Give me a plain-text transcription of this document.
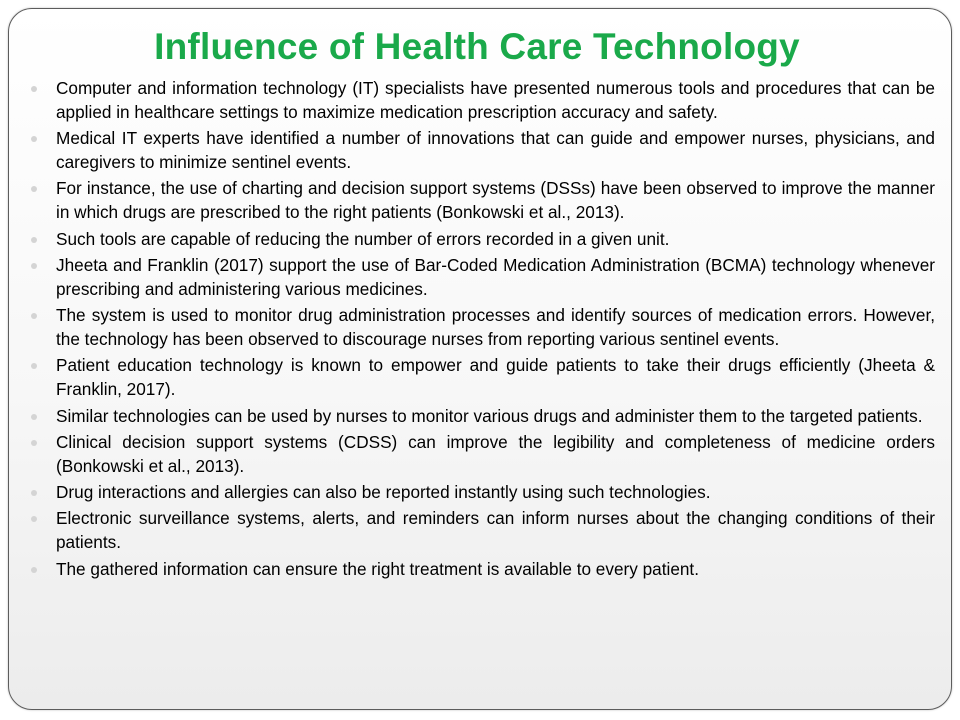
Influence of Health Care Technology
Computer and information technology (IT) specialists have presented numerous tools and procedures that can be applied in healthcare settings to maximize medication prescription accuracy and safety.
Medical IT experts have identified a number of innovations that can guide and empower nurses, physicians, and caregivers to minimize sentinel events.
For instance, the use of charting and decision support systems (DSSs) have been observed to improve the manner in which drugs are prescribed to the right patients (Bonkowski et al., 2013).
Such tools are capable of reducing the number of errors recorded in a given unit.
Jheeta and Franklin (2017) support the use of Bar-Coded Medication Administration (BCMA) technology whenever prescribing and administering various medicines.
The system is used to monitor drug administration processes and identify sources of medication errors. However, the technology has been observed to discourage nurses from reporting various sentinel events.
Patient education technology is known to empower and guide patients to take their drugs efficiently (Jheeta & Franklin, 2017).
Similar technologies can be used by nurses to monitor various drugs and administer them to the targeted patients.
Clinical decision support systems (CDSS) can improve the legibility and completeness of medicine orders (Bonkowski et al., 2013).
Drug interactions and allergies can also be reported instantly using such technologies.
Electronic surveillance systems, alerts, and reminders can inform nurses about the changing conditions of their patients.
The gathered information can ensure the right treatment is available to every patient.
